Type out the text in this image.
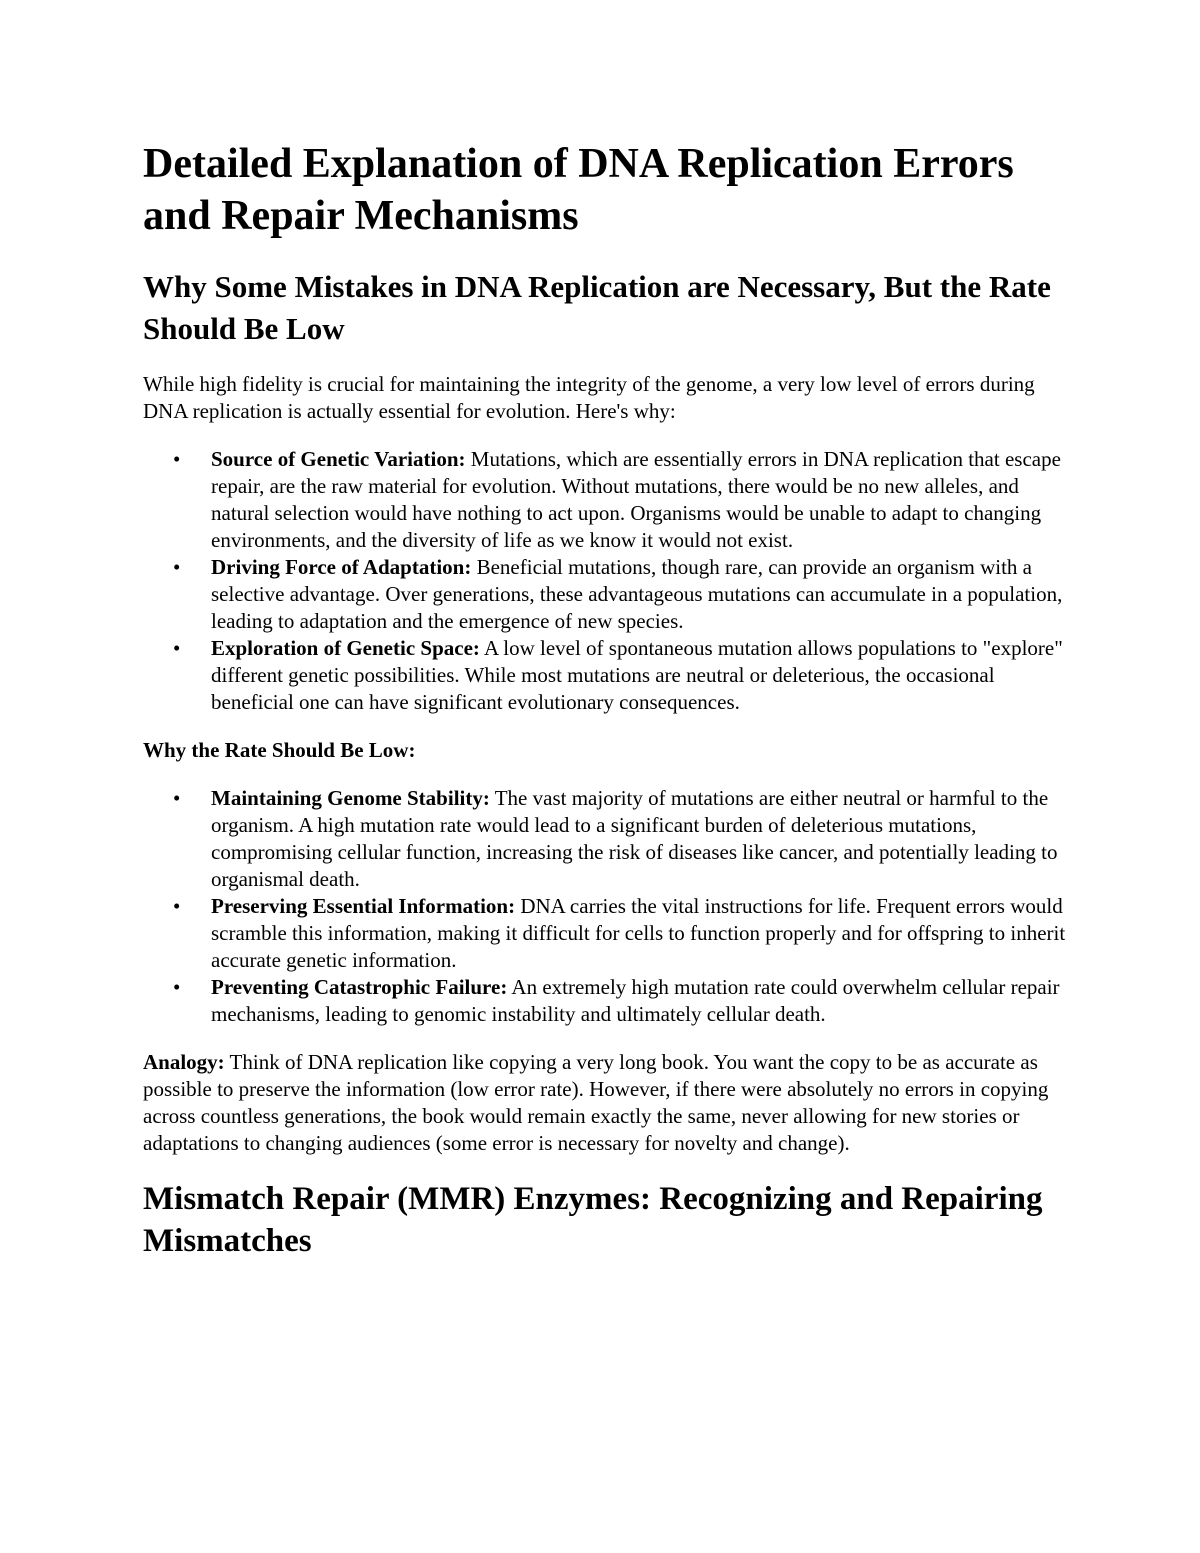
Detailed Explanation of DNA Replication Errors and Repair Mechanisms
Why Some Mistakes in DNA Replication are Necessary, But the Rate Should Be Low

While high fidelity is crucial for maintaining the integrity of the genome, a very low level of errors during DNA replication is actually essential for evolution. Here's why:

• Source of Genetic Variation: Mutations, which are essentially errors in DNA replication that escape repair, are the raw material for evolution. Without mutations, there would be no new alleles, and natural selection would have nothing to act upon. Organisms would be unable to adapt to changing environments, and the diversity of life as we know it would not exist.
• Driving Force of Adaptation: Beneficial mutations, though rare, can provide an organism with a selective advantage. Over generations, these advantageous mutations can accumulate in a population, leading to adaptation and the emergence of new species.
• Exploration of Genetic Space: A low level of spontaneous mutation allows populations to "explore" different genetic possibilities. While most mutations are neutral or deleterious, the occasional beneficial one can have significant evolutionary consequences.

Why the Rate Should Be Low:

• Maintaining Genome Stability: The vast majority of mutations are either neutral or harmful to the organism. A high mutation rate would lead to a significant burden of deleterious mutations, compromising cellular function, increasing the risk of diseases like cancer, and potentially leading to organismal death.
• Preserving Essential Information: DNA carries the vital instructions for life. Frequent errors would scramble this information, making it difficult for cells to function properly and for offspring to inherit accurate genetic information.
• Preventing Catastrophic Failure: An extremely high mutation rate could overwhelm cellular repair mechanisms, leading to genomic instability and ultimately cellular death.

Analogy: Think of DNA replication like copying a very long book. You want the copy to be as accurate as possible to preserve the information (low error rate). However, if there were absolutely no errors in copying across countless generations, the book would remain exactly the same, never allowing for new stories or adaptations to changing audiences (some error is necessary for novelty and change).

Mismatch Repair (MMR) Enzymes: Recognizing and Repairing Mismatches
